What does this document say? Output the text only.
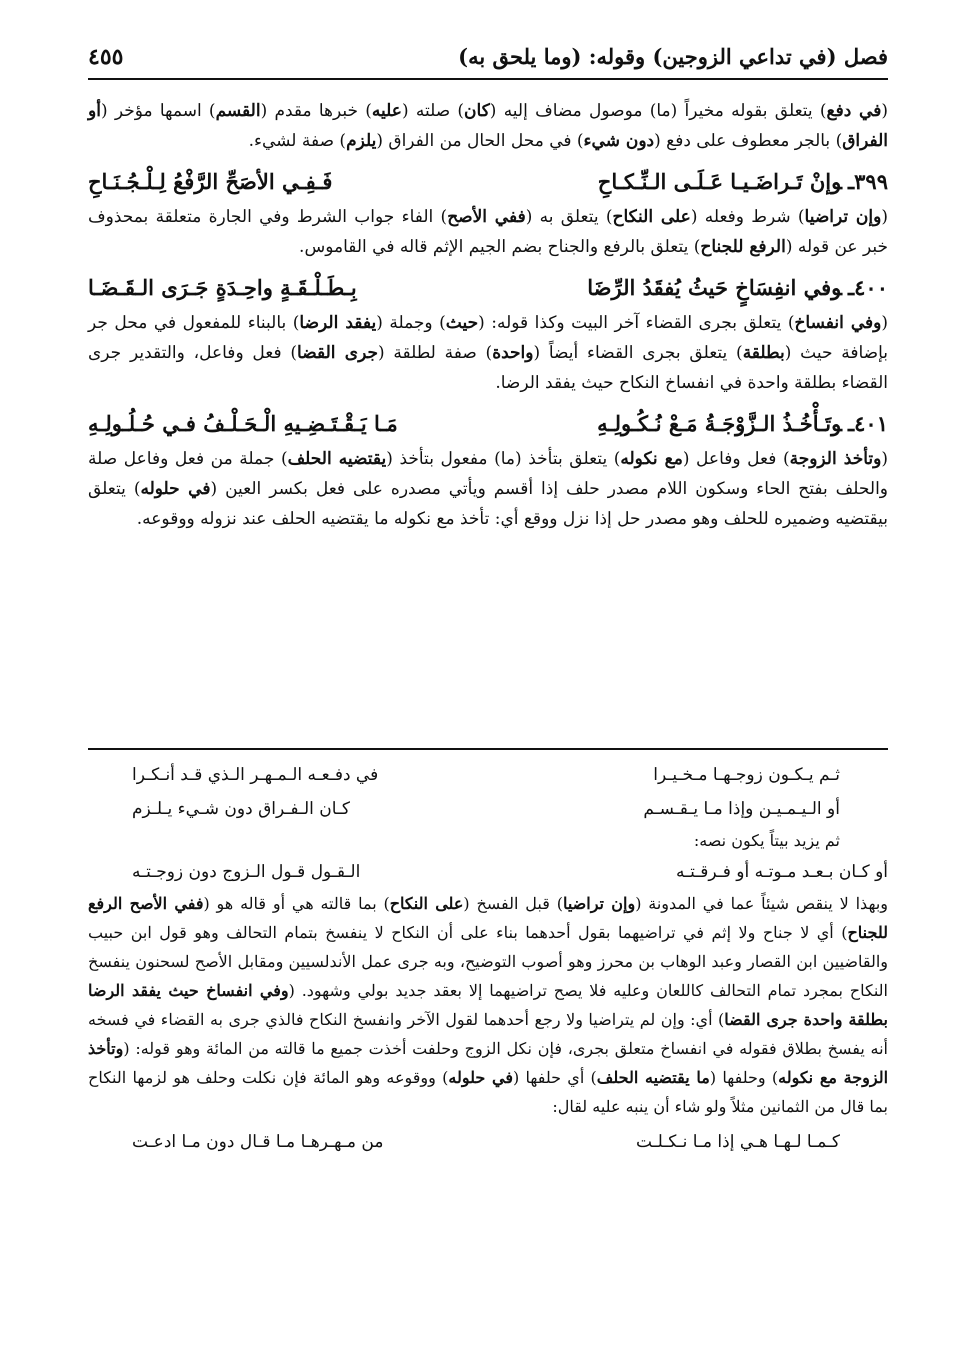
فصل (في تداعي الزوجين) وقوله: (وما يلحق به)
٤٥٥

(في دفع) يتعلق بقوله مخيراً (ما) موصول مضاف إليه (كان) صلته (عليه) خبرها مقدم (القسم) اسمها مؤخر (أو الفراق) بالجر معطوف على دفع (دون شيء) في محل الحال من الفراق (يلزم) صفة لشيء.

٣٩٩ـوإنْ تَـراضَـيـا عَـلَـى الـنِّـكـاحِ
فَـفِـي الأصَحِّ الرَّفْعُ لِـلْـجُـنَـاحِ

(وإن تراضيا) شرط وفعله (على النكاح) يتعلق به (ففي الأصح) الفاء جواب الشرط وفي الجارة متعلقة بمحذوف خبر عن قوله (الرفع للجناح) يتعلق بالرفع والجناح بضم الجيم الإثم قاله في القاموس.

٤٠٠ـوفي انفِسَاخٍ حَيثُ يُفقَدُ الرِّضَا
بِـطَـلْـقَـةٍ واحِـدَةٍ جَـرَى الـقَـضَـا

(وفي انفساخ) يتعلق بجرى القضاء آخر البيت وكذا قوله: (حيث) وجملة (يفقد الرضا) بالبناء للمفعول في محل جر بإضافة حيث (بطلقة) يتعلق بجرى القضاء أيضاً (واحدة) صفة لطلقة (جرى القضا) فعل وفاعل، والتقدير جرى القضاء بطلقة واحدة في انفساخ النكاح حيث يفقد الرضا.

٤٠١ـوتَـأْخُـذُ الـزَّوْجَـةُ مَـعْ نُـكُـولِـهِ
مَـا يَـقْـتَـضِـيهِ الْـحَـلْـفُ فـي حُـلُـولِـهِ

(وتأخذ الزوجة) فعل وفاعل (مع نكوله) يتعلق بتأخذ (ما) مفعول بتأخذ (يقتضيه الحلف) جملة من فعل وفاعل صلة والحلف بفتح الحاء وسكون اللام مصدر حلف إذا أقسم ويأتي مصدره على فعل بكسر العين (في حلوله) يتعلق بيقتضيه وضميره للحلف وهو مصدر حل إذا نزل ووقع أي: تأخذ مع نكوله ما يقتضيه الحلف عند نزوله ووقوعه.

ثـم يـكـون زوجـهـا مـخـيـرا
في دفـعـه الـمـهـر الـذي قـد أنـكـرا
أو الـيـمـيـن وإذا مـا يـقـسـم
كـان الـفـراق دون شـيء يـلـزم

ثم يزيد بيتاً يكون نصه:

أو كـان بـعـد مـوتـه أو فـرقـتـه
الـقـول قـول الـزوج دون زوجـتـه

وبهذا لا ينقص شيئاً عما في المدونة (وإن تراضيا) قبل الفسخ (على النكاح) بما قالته هي أو قاله هو (ففي الأصح الرفع للجناح) أي لا جناح ولا إثم في تراضيهما بقول أحدهما بناء على أن النكاح لا ينفسخ بتمام التحالف وهو قول ابن حبيب والقاضيين ابن القصار وعبد الوهاب بن محرز وهو أصوب التوضيح، وبه جرى عمل الأندلسيين ومقابل الأصح لسحنون ينفسخ النكاح بمجرد تمام التحالف كاللعان وعليه فلا يصح تراضيهما إلا بعقد جديد بولي وشهود. (وفي انفساخ حيث يفقد الرضا بطلقة واحدة جرى القضا) أي: وإن لم يتراضيا ولا رجع أحدهما لقول الآخر وانفسخ النكاح فالذي جرى به القضاء في فسخه أنه يفسخ بطلاق فقوله في انفساخ متعلق بجرى، فإن نكل الزوج وحلفت أخذت جميع ما قالته من المائة وهو قوله: (وتأخذ الزوجة مع نكوله) وحلفها (ما يقتضيه الحلف) أي حلفها (في حلوله) ووقوعه وهو المائة فإن نكلت وحلف هو لزمها النكاح بما قال من الثمانين مثلاً ولو شاء أن ينبه عليه لقال:

كـمـا لـهـا هـي إذا مـا نـكـلـت
من مـهـرهـا مـا قـال دون مـا ادعـت
